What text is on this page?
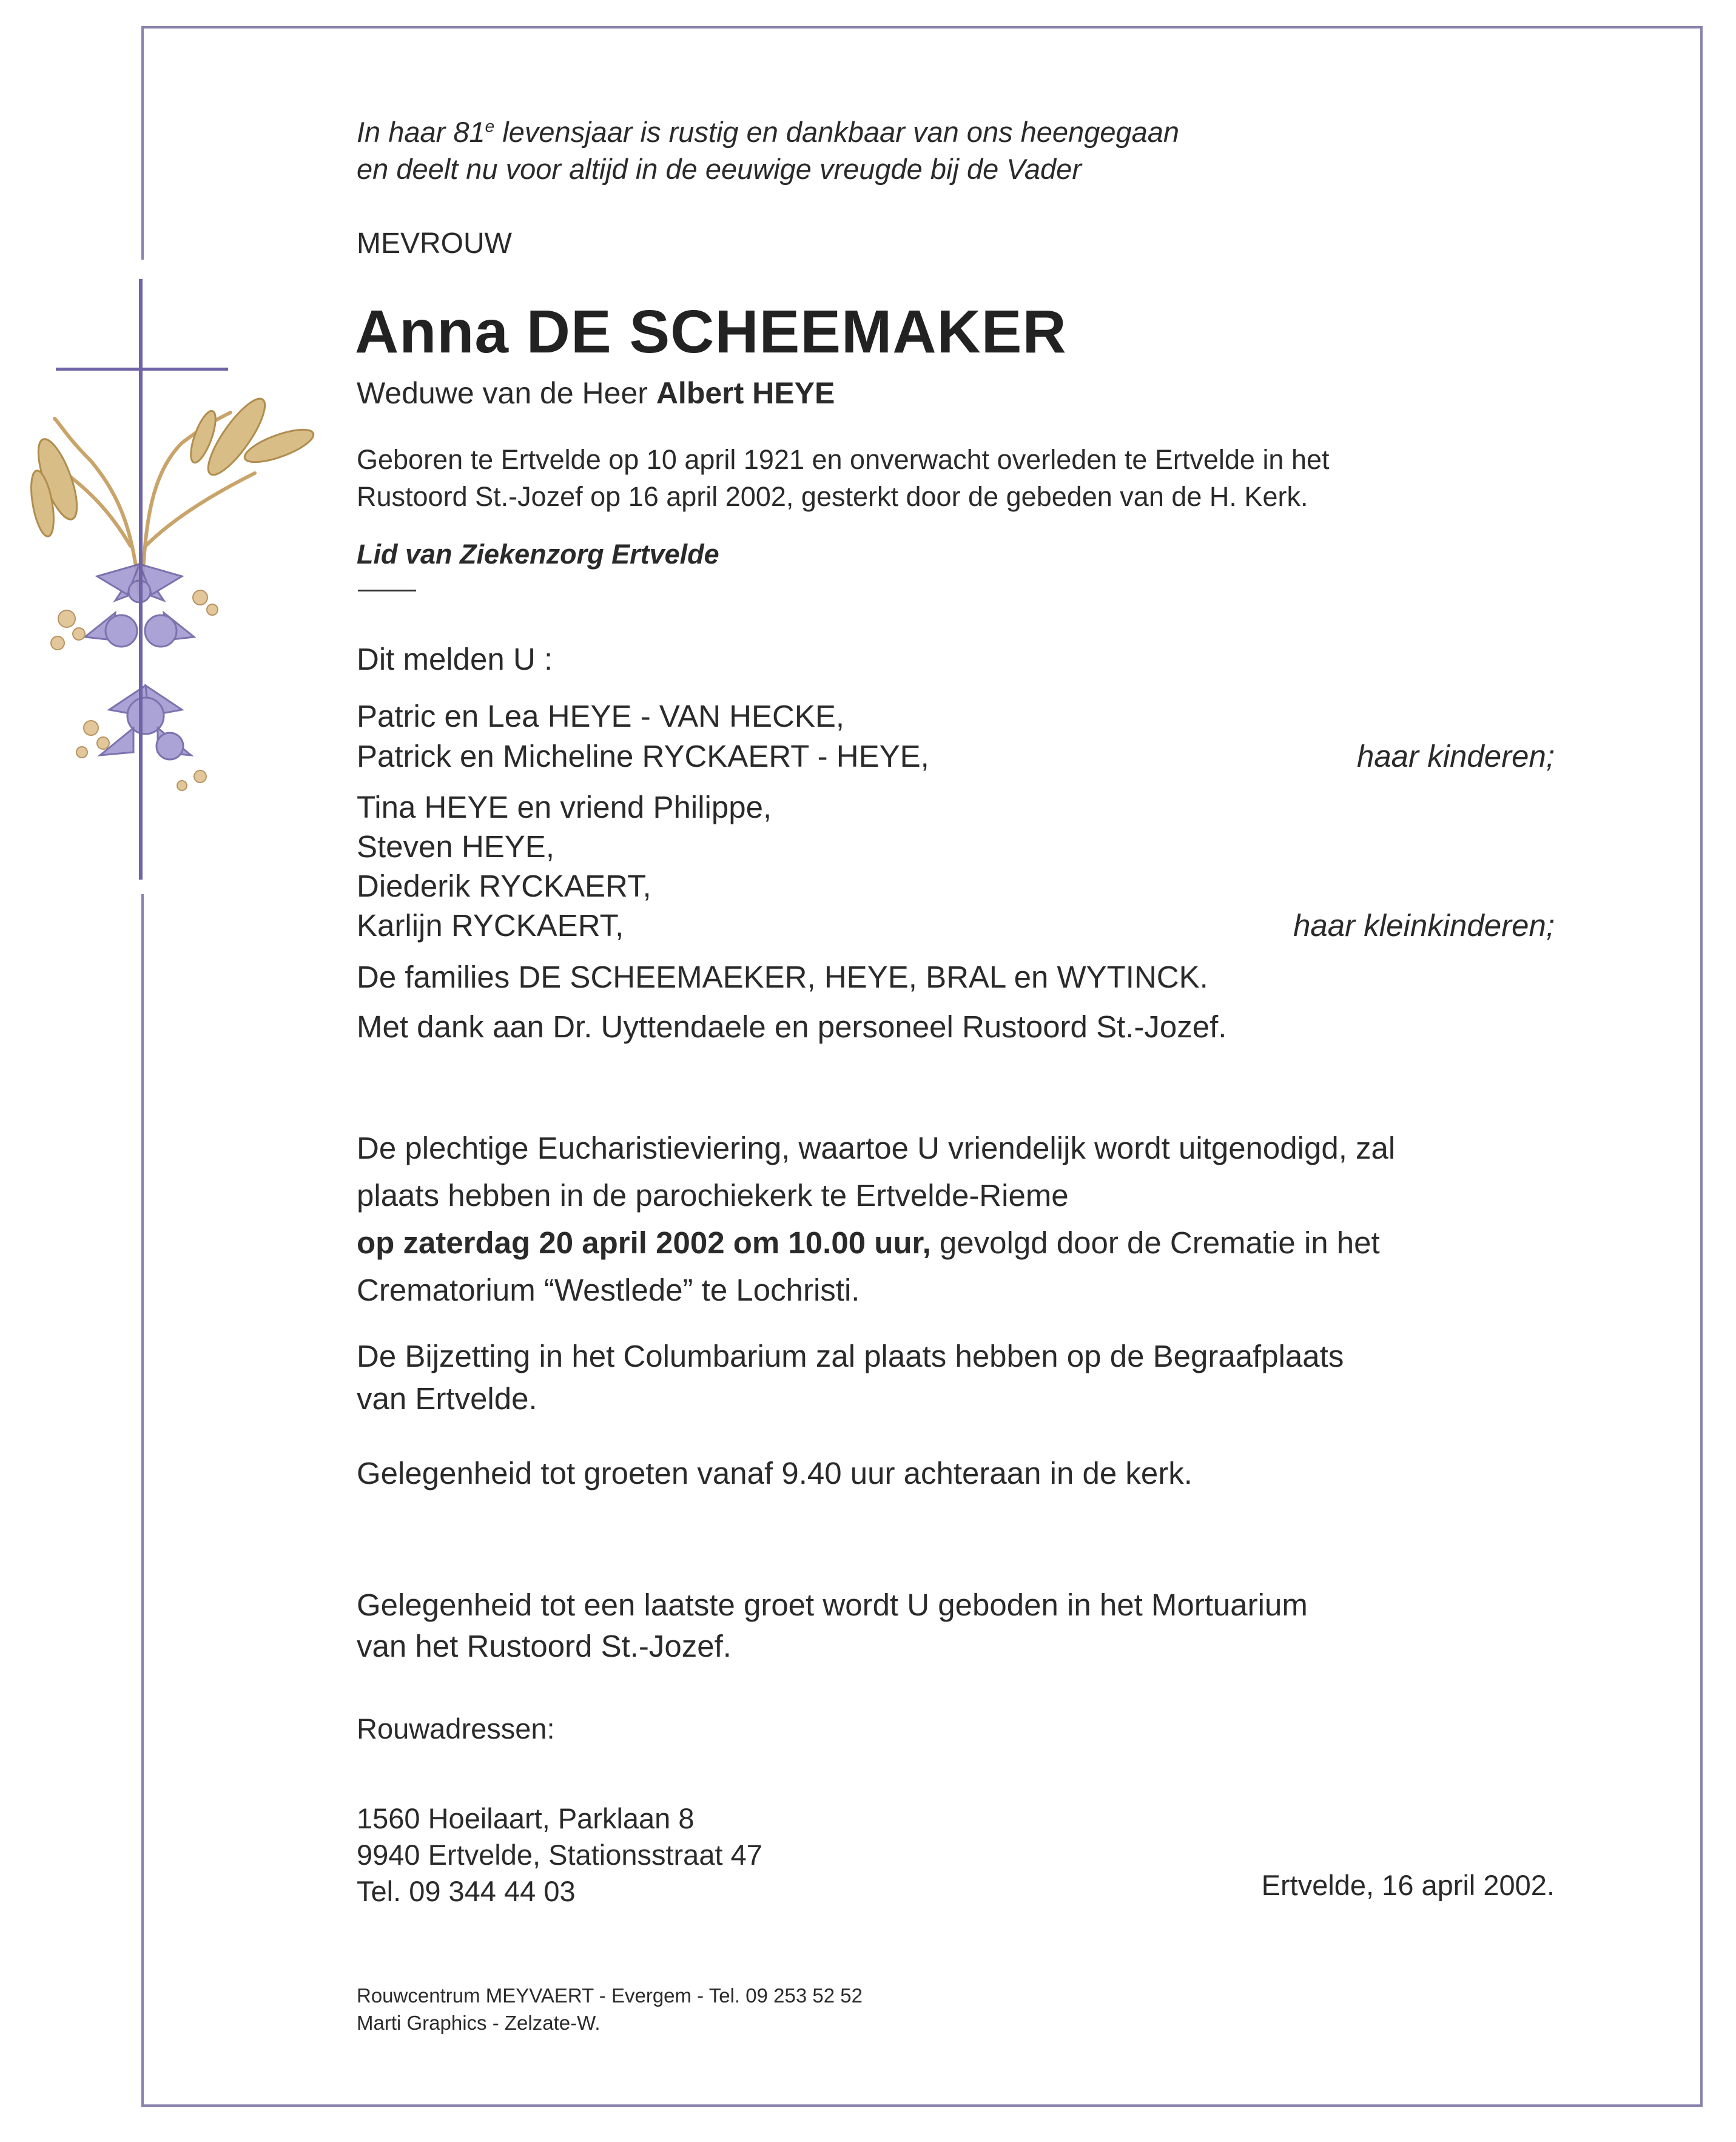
In haar 81e levensjaar is rustig en dankbaar van ons heengegaan
en deelt nu voor altijd in de eeuwige vreugde bij de Vader
MEVROUW
Anna DE SCHEEMAKER
Weduwe van de Heer Albert HEYE
Geboren te Ertvelde op 10 april 1921 en onverwacht overleden te Ertvelde in het
Rustoord St.-Jozef op 16 april 2002, gesterkt door de gebeden van de H. Kerk.
Lid van Ziekenzorg Ertvelde
Dit melden U :
Patric en Lea HEYE - VAN HECKE,
Patrick en Micheline RYCKAERT - HEYE,	haar kinderen;
Tina HEYE en vriend Philippe,
Steven HEYE,
Diederik RYCKAERT,
Karlijn RYCKAERT,	haar kleinkinderen;
De families DE SCHEEMAEKER, HEYE, BRAL en WYTINCK.
Met dank aan Dr. Uyttendaele en personeel Rustoord St.-Jozef.
De plechtige Eucharistieviering, waartoe U vriendelijk wordt uitgenodigd, zal
plaats hebben in de parochiekerk te Ertvelde-Rieme
op zaterdag 20 april 2002 om 10.00 uur, gevolgd door de Crematie in het
Crematorium “Westlede” te Lochristi.
De Bijzetting in het Columbarium zal plaats hebben op de Begraafplaats
van Ertvelde.
Gelegenheid tot groeten vanaf 9.40 uur achteraan in de kerk.
Gelegenheid tot een laatste groet wordt U geboden in het Mortuarium
van het Rustoord St.-Jozef.
Rouwadressen:
1560 Hoeilaart, Parklaan 8
9940 Ertvelde, Stationsstraat 47
Tel. 09 344 44 03	Ertvelde, 16 april 2002.
Rouwcentrum MEYVAERT - Evergem - Tel. 09 253 52 52
Marti Graphics - Zelzate-W.
